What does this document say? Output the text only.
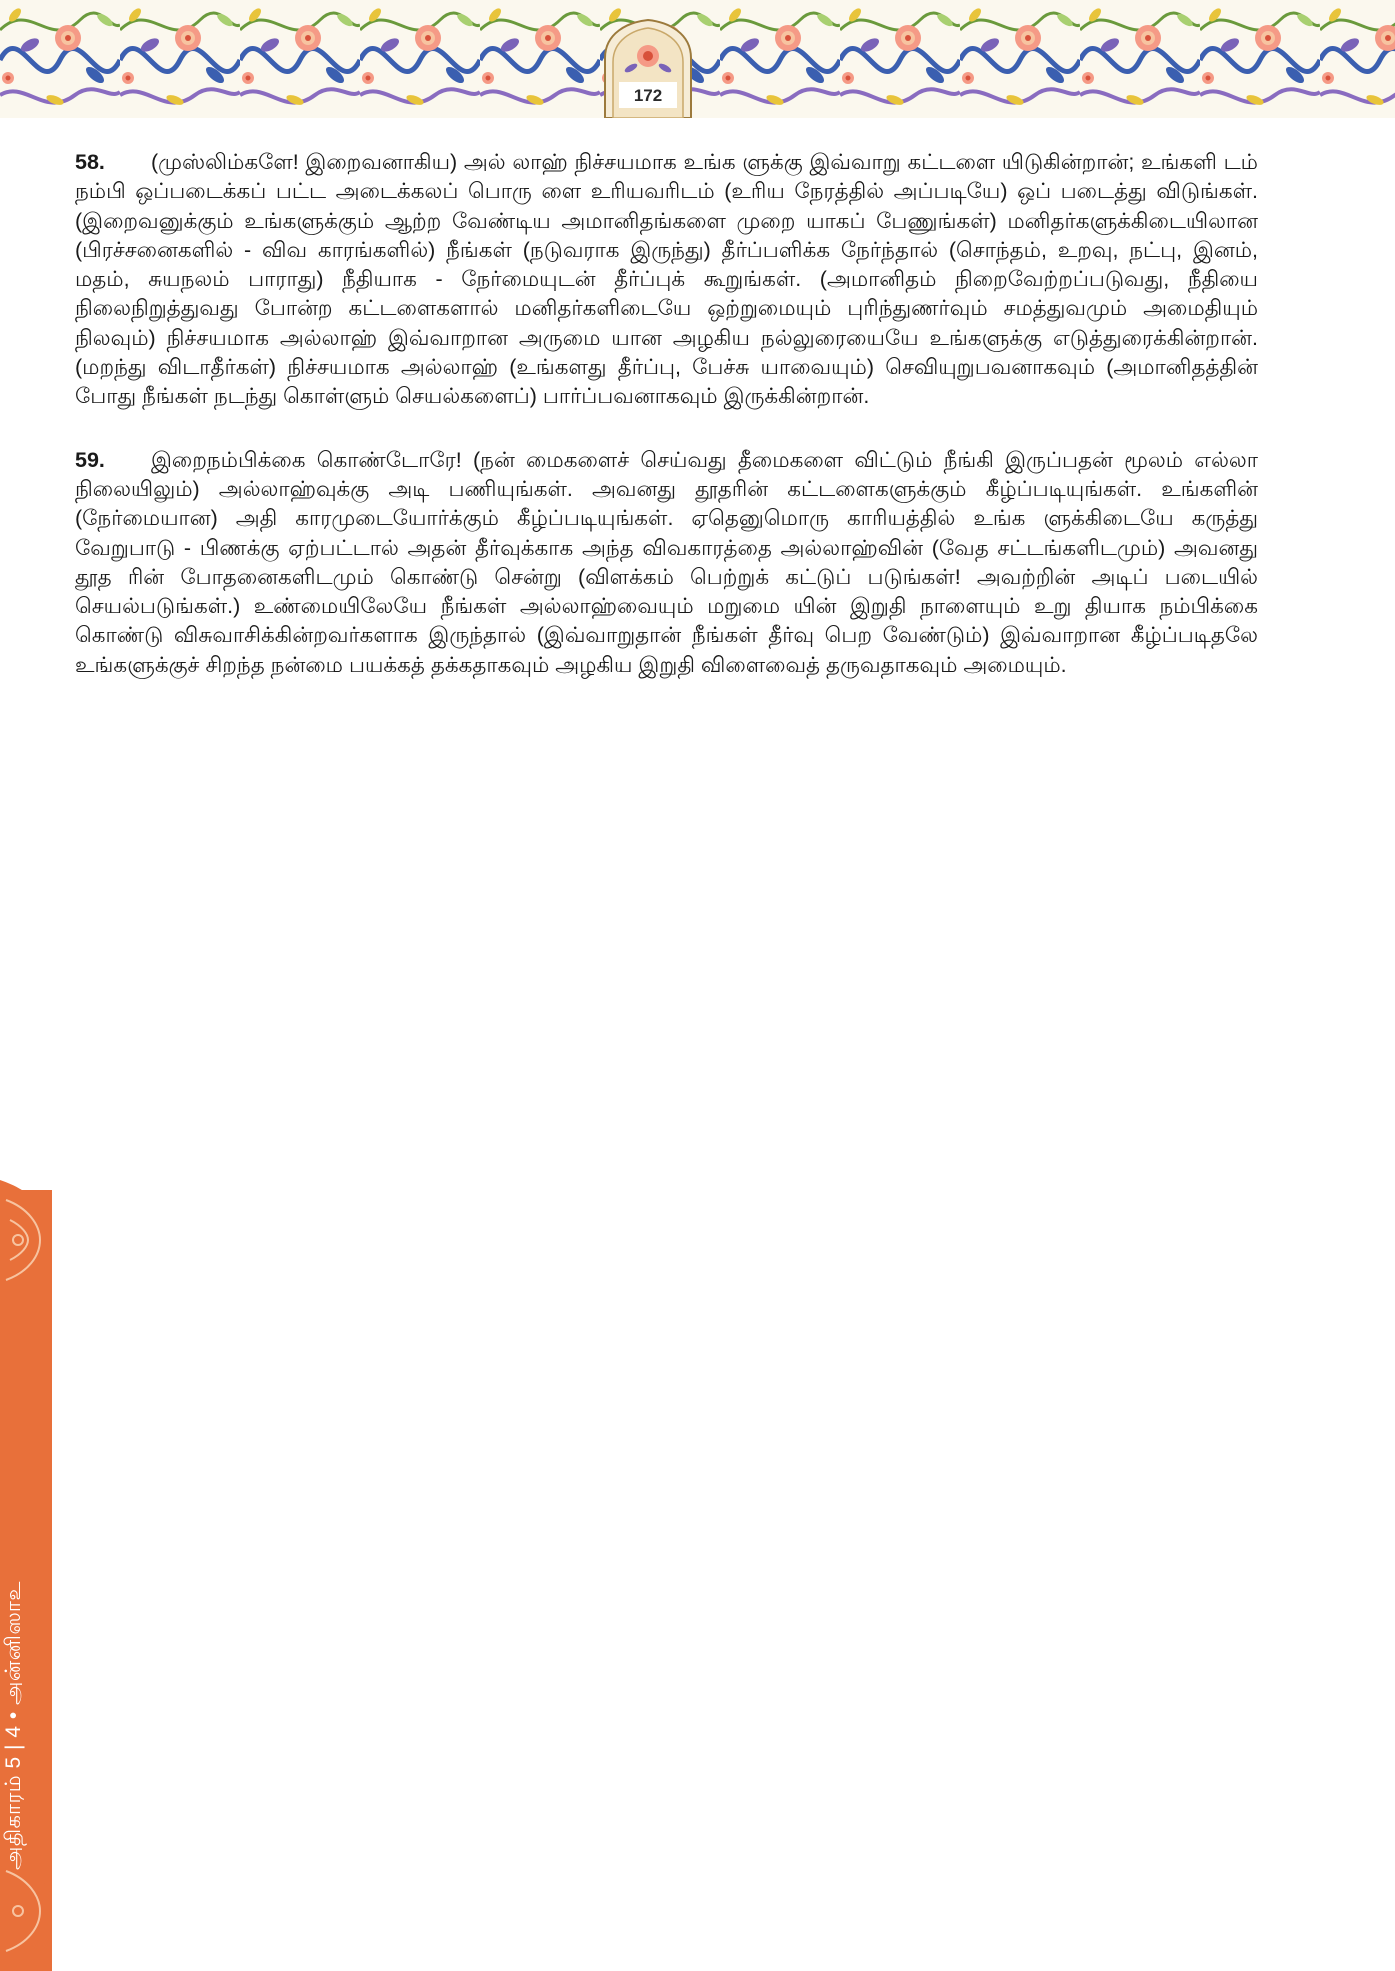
172

58. (முஸ்லிம்களே! இறைவனாகிய) அல் லாஹ் நிச்சயமாக உங்க ளுக்கு இவ்வாறு கட்டளை யிடுகின்றான்; உங்களி டம் நம்பி ஒப்படைக்கப் பட்ட அடைக்கலப் பொரு ளை உரியவரிடம் (உரிய நேரத்தில் அப்படியே) ஒப் படைத்து விடுங்கள். (இறைவனுக்கும் உங்களுக்கும் ஆற்ற வேண்டிய அமானிதங்களை முறை யாகப் பேணுங்கள்) மனிதர்களுக்கிடையிலான (பிரச்சனைகளில் - விவ காரங்களில்) நீங்கள் (நடுவராக இருந்து) தீர்ப்பளிக்க நேர்ந்தால் (சொந்தம், உறவு, நட்பு, இனம், மதம், சுயநலம் பாராது) நீதியாக - நேர்மையுடன் தீர்ப்புக் கூறுங்கள். (அமானிதம் நிறைவேற்றப்படுவது, நீதியை நிலைநிறுத்துவது போன்ற கட்டளைகளால் மனிதர்களிடையே ஒற்றுமையும் புரிந்துணர்வும் சமத்துவமும் அமைதியும் நிலவும்) நிச்சயமாக அல்லாஹ் இவ்வாறான அருமை யான அழகிய நல்லுரையையே உங்களுக்கு எடுத்துரைக்கின்றான். (மறந்து விடாதீர்கள்) நிச்சயமாக அல்லாஹ் (உங்களது தீர்ப்பு, பேச்சு யாவையும்) செவியுறுபவனாகவும் (அமானிதத்தின் போது நீங்கள் நடந்து கொள்ளும் செயல்களைப்) பார்ப்பவனாகவும் இருக்கின்றான்.

59. இறைநம்பிக்கை கொண்டோரே! (நன் மைகளைச் செய்வது தீமைகளை விட்டும் நீங்கி இருப்பதன் மூலம் எல்லா நிலையிலும்) அல்லாஹ்வுக்கு அடி பணியுங்கள். அவனது தூதரின் கட்டளைகளுக்கும் கீழ்ப்படியுங்கள். உங்களின் (நேர்மையான) அதி காரமுடையோர்க்கும் கீழ்ப்படியுங்கள். ஏதெனுமொரு காரியத்தில் உங்க ளுக்கிடையே கருத்து வேறுபாடு - பிணக்கு ஏற்பட்டால் அதன் தீர்வுக்காக அந்த விவகாரத்தை அல்லாஹ்வின் (வேத சட்டங்களிடமும்) அவனது தூத ரின் போதனைகளிடமும் கொண்டு சென்று (விளக்கம் பெற்றுக் கட்டுப் படுங்கள்! அவற்றின் அடிப் படையில் செயல்படுங்கள்.) உண்மையிலேயே நீங்கள் அல்லாஹ்வையும் மறுமை யின் இறுதி நாளையும் உறு தியாக நம்பிக்கை கொண்டு விசுவாசிக்கின்றவர்களாக இருந்தால் (இவ்வாறுதான் நீங்கள் தீர்வு பெற வேண்டும்) இவ்வாறான கீழ்ப்படிதலே உங்களுக்குச் சிறந்த நன்மை பயக்கத் தக்கதாகவும் அழகிய இறுதி விளைவைத் தருவதாகவும் அமையும்.

அதிகாரம் 5 | 4 • அன்னிஸாஉ
